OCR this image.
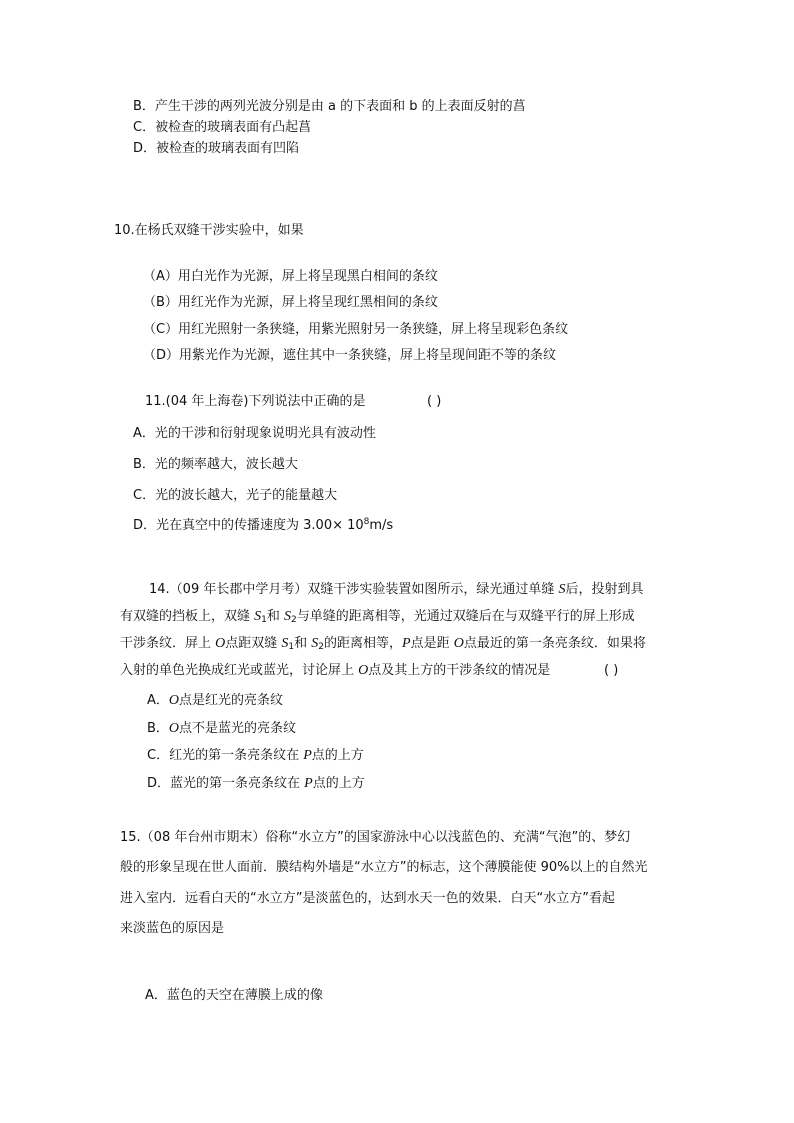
B．产生干涉的两列光波分别是由 a 的下表面和 b 的上表面反射的菖
C．被检查的玻璃表面有凸起菖
D．被检查的玻璃表面有凹陷
10.在杨氏双缝干涉实验中，如果
（A）用白光作为光源，屏上将呈现黑白相间的条纹
（B）用红光作为光源，屏上将呈现红黑相间的条纹
（C）用红光照射一条狭缝，用紫光照射另一条狭缝，屏上将呈现彩色条纹
（D）用紫光作为光源，遮住其中一条狭缝，屏上将呈现间距不等的条纹
11.(04 年上海卷)下列说法中正确的是	( )
A．光的干涉和衍射现象说明光具有波动性
B．光的频率越大，波长越大
C．光的波长越大，光子的能量越大
D．光在真空中的传播速度为 $3.00\times 10^8m/s$
14.（09 年长郡中学月考）双缝干涉实验装置如图所示，绿光通过单缝 S后，投射到具
有双缝的挡板上，双缝 $S_1$和 $S_2$与单缝的距离相等，光通过双缝后在与双缝平行的屏上形成
干涉条纹．屏上 O点距双缝 $S_1$和 $S_2$的距离相等，P点是距 O点最近的第一条亮条纹．如果将
入射的单色光换成红光或蓝光，讨论屏上 O点及其上方的干涉条纹的情况是	( )
A．O点是红光的亮条纹
B．O点不是蓝光的亮条纹
C．红光的第一条亮条纹在 P点的上方
D．蓝光的第一条亮条纹在 P点的上方
15.（08 年台州市期末）俗称“水立方”的国家游泳中心以浅蓝色的、充满“气泡”的、梦幻
般的形象呈现在世人面前．膜结构外墙是“水立方”的标志，这个薄膜能使 90%以上的自然光
进入室内．远看白天的“水立方”是淡蓝色的，达到水天一色的效果．白天“水立方”看起
来淡蓝色的原因是
A．蓝色的天空在薄膜上成的像
